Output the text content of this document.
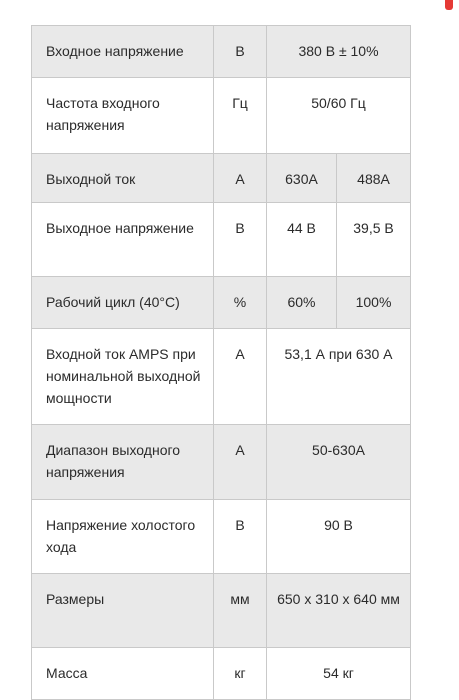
Входное напряжение	В	380 В ± 10%	

Частота входного напряжения	Гц	50/60 Гц	

Выходной ток	А	630А	488А

Выходное напряжение	В	44 В	39,5 В

Рабочий цикл (40°С)	%	60%	100%

Входной ток AMPS при номинальной выходной мощности	А	53,1 А при 630 А	

Диапазон выходного напряжения	А	50-630А	

Напряжение холостого хода	В	90 В	

Размеры	мм	650 х 310 х 640 мм	

Масса	кг	54 кг	
